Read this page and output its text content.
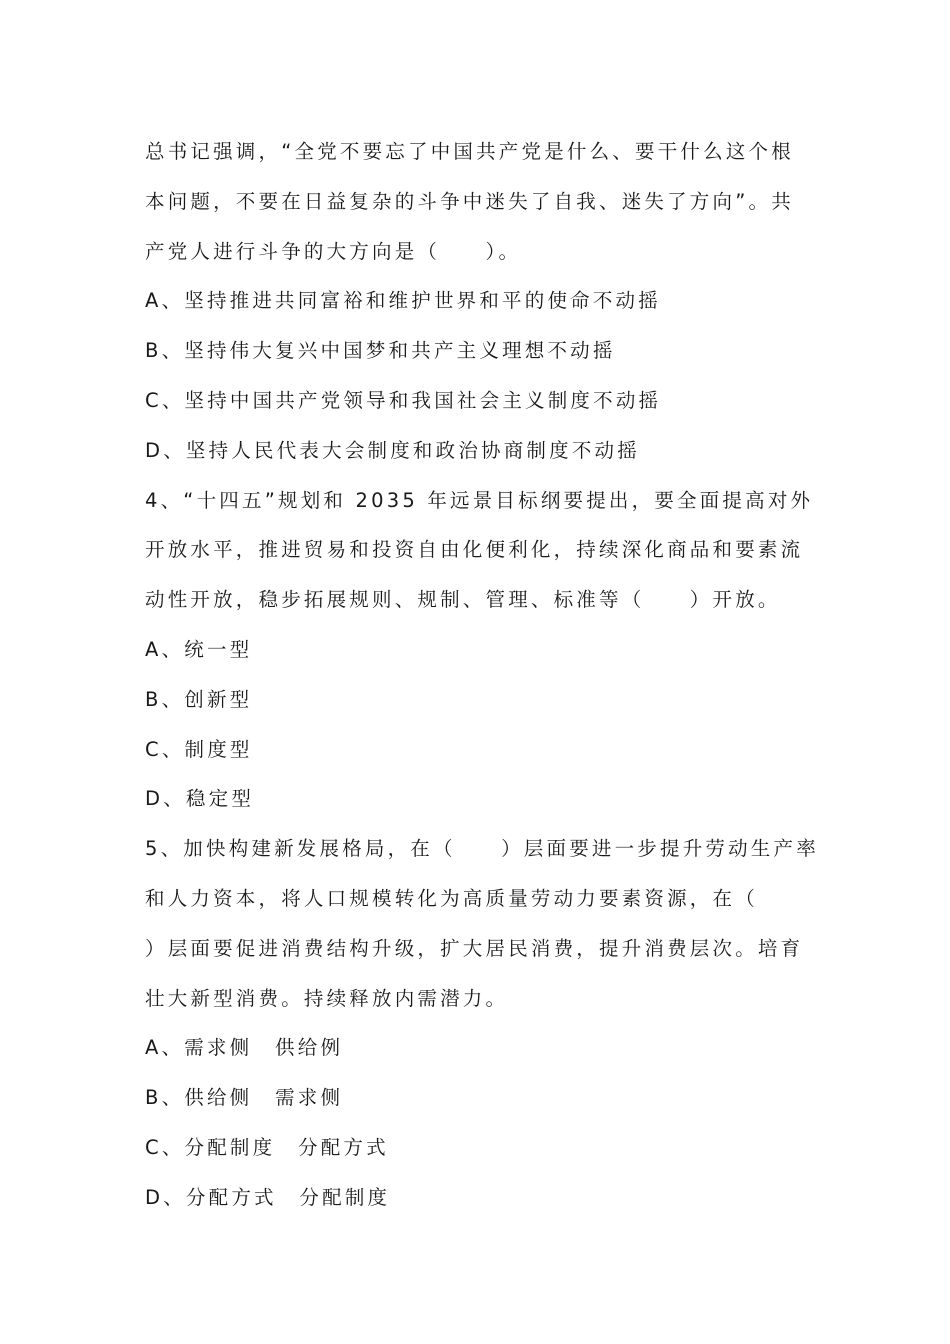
总书记强调，“全党不要忘了中国共产党是什么、要干什么这个根
本问题，不要在日益复杂的斗争中迷失了自我、迷失了方向”。共
产党人进行斗争的大方向是（　　）。
A、坚持推进共同富裕和维护世界和平的使命不动摇
B、坚持伟大复兴中国梦和共产主义理想不动摇
C、坚持中国共产党领导和我国社会主义制度不动摇
D、坚持人民代表大会制度和政治协商制度不动摇
4、“十四五”规划和 2035 年远景目标纲要提出，要全面提高对外
开放水平，推进贸易和投资自由化便利化，持续深化商品和要素流
动性开放，稳步拓展规则、规制、管理、标准等（　　）开放。
A、统一型
B、创新型
C、制度型
D、稳定型
5、加快构建新发展格局，在（　　）层面要进一步提升劳动生产率
和人力资本，将人口规模转化为高质量劳动力要素资源，在（
）层面要促进消费结构升级，扩大居民消费，提升消费层次。培育
壮大新型消费。持续释放内需潜力。
A、需求侧　供给例
B、供给侧　需求侧
C、分配制度　分配方式
D、分配方式　分配制度
